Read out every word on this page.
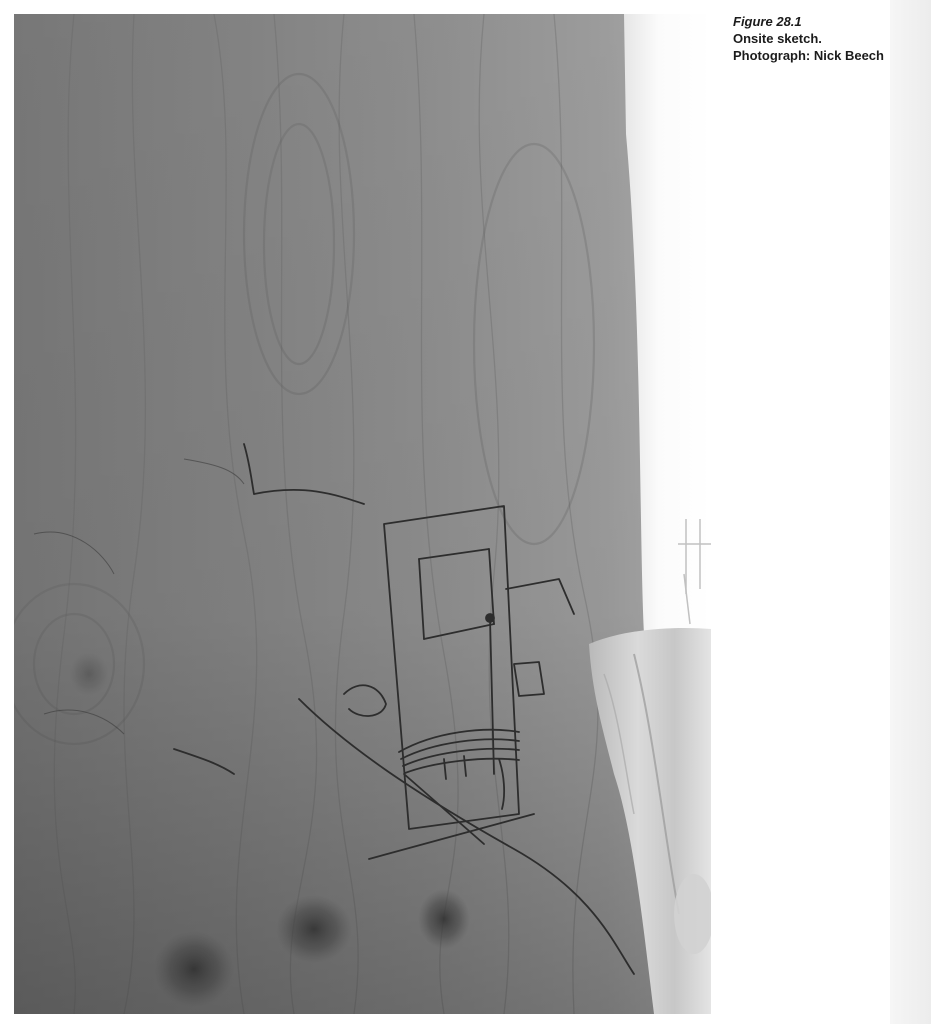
Figure 28.1
Onsite sketch.
Photograph: Nick Beech
